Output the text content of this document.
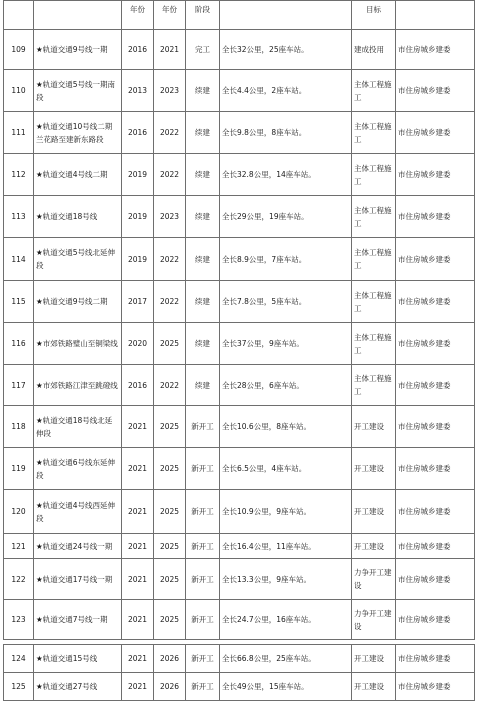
		年份	年份	阶段		目标	
109	★轨道交通9号线一期	2016	2021	完工	全长32公里，25座车站。	建成投用	市住房城乡建委
110	★轨道交通5号线一期南段	2013	2023	续建	全长4.4公里，2座车站。	主体工程施工	市住房城乡建委
111	★轨道交通10号线二期兰花路至建新东路段	2016	2022	续建	全长9.8公里，8座车站。	主体工程施工	市住房城乡建委
112	★轨道交通4号线二期	2019	2022	续建	全长32.8公里，14座车站。	主体工程施工	市住房城乡建委
113	★轨道交通18号线	2019	2023	续建	全长29公里，19座车站。	主体工程施工	市住房城乡建委
114	★轨道交通5号线北延伸段	2019	2022	续建	全长8.9公里，7座车站。	主体工程施工	市住房城乡建委
115	★轨道交通9号线二期	2017	2022	续建	全长7.8公里，5座车站。	主体工程施工	市住房城乡建委
116	★市郊铁路璧山至铜梁线	2020	2025	续建	全长37公里，9座车站。	主体工程施工	市住房城乡建委
117	★市郊铁路江津至跳磴线	2016	2022	续建	全长28公里，6座车站。	主体工程施工	市住房城乡建委
118	★轨道交通18号线北延伸段	2021	2025	新开工	全长10.6公里，8座车站。	开工建设	市住房城乡建委
119	★轨道交通6号线东延伸段	2021	2025	新开工	全长6.5公里，4座车站。	开工建设	市住房城乡建委
120	★轨道交通4号线西延伸段	2021	2025	新开工	全长10.9公里，9座车站。	开工建设	市住房城乡建委
121	★轨道交通24号线一期	2021	2025	新开工	全长16.4公里，11座车站。	开工建设	市住房城乡建委
122	★轨道交通17号线一期	2021	2025	新开工	全长13.3公里，9座车站。	力争开工建设	市住房城乡建委
123	★轨道交通7号线一期	2021	2025	新开工	全长24.7公里，16座车站。	力争开工建设	市住房城乡建委

124	★轨道交通15号线	2021	2026	新开工	全长66.8公里，25座车站。	开工建设	市住房城乡建委
125	★轨道交通27号线	2021	2026	新开工	全长49公里，15座车站。	开工建设	市住房城乡建委
